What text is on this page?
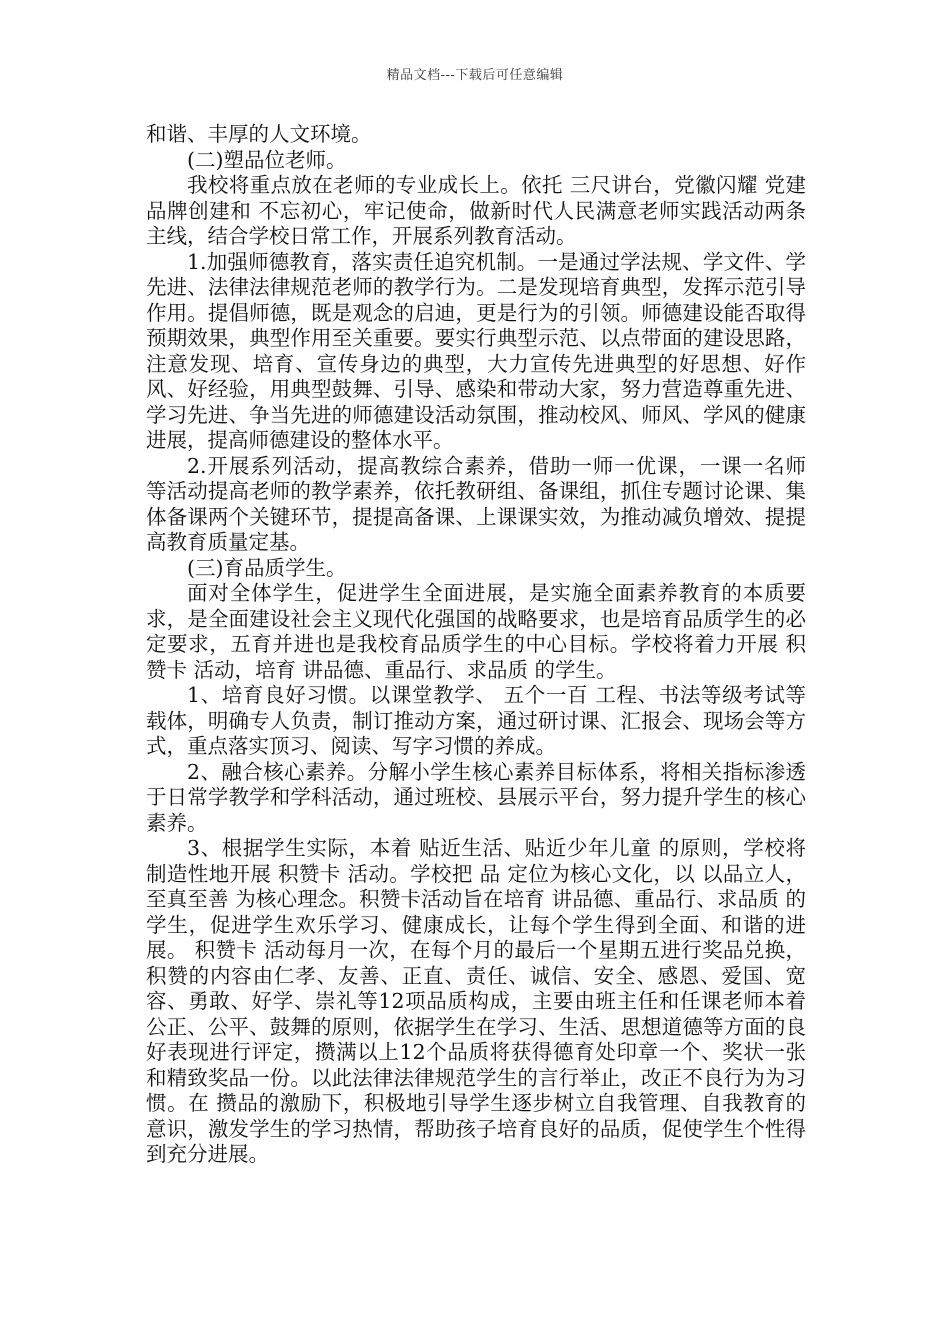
精品文档---下载后可任意编辑

和谐、丰厚的人文环境。

(二)塑品位老师。

我校将重点放在老师的专业成长上。依托 三尺讲台，党徽闪耀 党建品牌创建和 不忘初心，牢记使命，做新时代人民满意老师实践活动两条主线，结合学校日常工作，开展系列教育活动。

1.加强师德教育，落实责任追究机制。一是通过学法规、学文件、学先进、法律法律规范老师的教学行为。二是发现培育典型，发挥示范引导作用。提倡师德，既是观念的启迪，更是行为的引领。师德建设能否取得预期效果，典型作用至关重要。要实行典型示范、以点带面的建设思路，注意发现、培育、宣传身边的典型，大力宣传先进典型的好思想、好作风、好经验，用典型鼓舞、引导、感染和带动大家，努力营造尊重先进、学习先进、争当先进的师德建设活动氛围，推动校风、师风、学风的健康进展，提高师德建设的整体水平。

2.开展系列活动，提高教综合素养，借助一师一优课，一课一名师 等活动提高老师的教学素养，依托教研组、备课组，抓住专题讨论课、集体备课两个关键环节，提提高备课、上课课实效，为推动减负增效、提提高教育质量定基。

(三)育品质学生。

面对全体学生，促进学生全面进展，是实施全面素养教育的本质要求，是全面建设社会主义现代化强国的战略要求，也是培育品质学生的必定要求，五育并进也是我校育品质学生的中心目标。学校将着力开展 积赞卡 活动，培育 讲品德、重品行、求品质 的学生。

1、培育良好习惯。以课堂教学、 五个一百 工程、书法等级考试等载体，明确专人负责，制订推动方案，通过研讨课、汇报会、现场会等方式，重点落实顶习、阅读、写字习惯的养成。

2、融合核心素养。分解小学生核心素养目标体系，将相关指标渗透于日常学教学和学科活动，通过班校、县展示平台，努力提升学生的核心素养。

3、根据学生实际，本着 贴近生活、贴近少年儿童 的原则，学校将制造性地开展 积赞卡 活动。学校把 品 定位为核心文化，以 以品立人，至真至善 为核心理念。积赞卡活动旨在培育 讲品德、重品行、求品质 的学生，促进学生欢乐学习、健康成长，让每个学生得到全面、和谐的进展。 积赞卡 活动每月一次，在每个月的最后一个星期五进行奖品兑换，积赞的内容由仁孝、友善、正直、责任、诚信、安全、感恩、爱国、宽容、勇敢、好学、崇礼等12项品质构成，主要由班主任和任课老师本着公正、公平、鼓舞的原则，依据学生在学习、生活、思想道德等方面的良好表现进行评定，攒满以上12个品质将获得德育处印章一个、奖状一张和精致奖品一份。以此法律法律规范学生的言行举止，改正不良行为为习惯。在 攒品的激励下，积极地引导学生逐步树立自我管理、自我教育的意识，激发学生的学习热情，帮助孩子培育良好的品质，促使学生个性得到充分进展。
